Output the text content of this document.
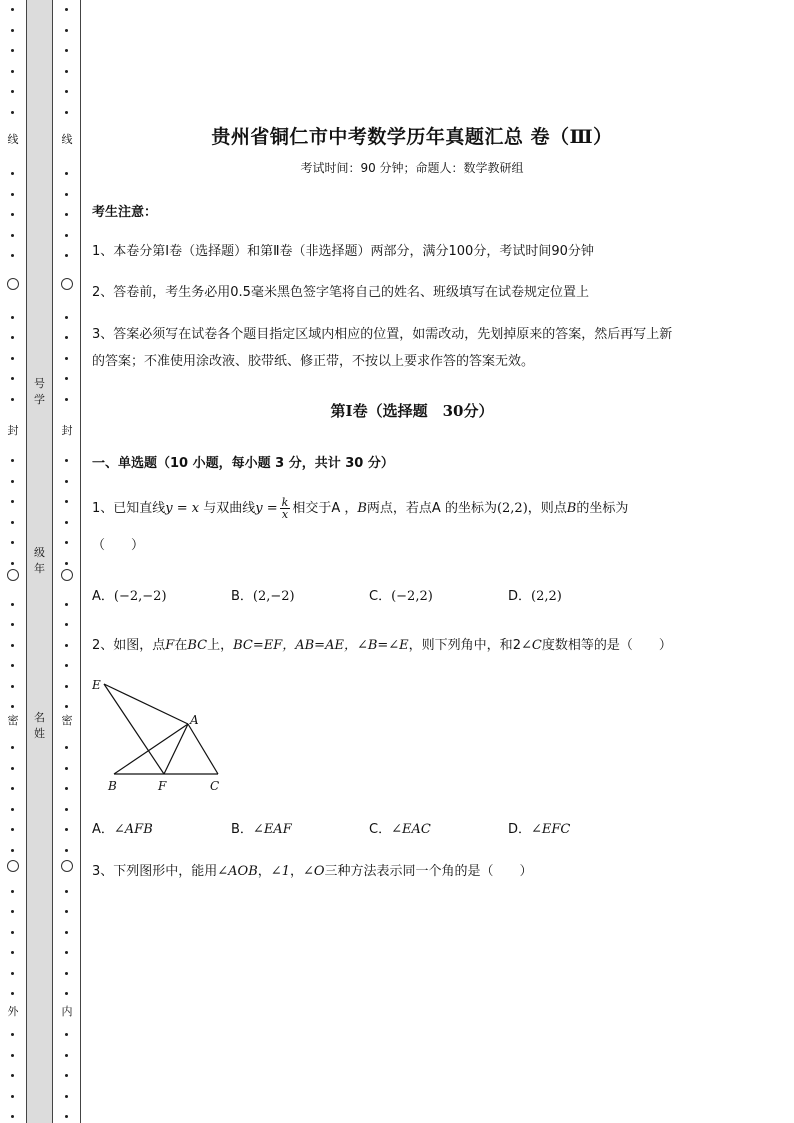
线
封
密
外
号
学
级
年
名
姓
线
封
密
内
贵州省铜仁市中考数学历年真题汇总 卷（Ⅲ）
考试时间：90 分钟；命题人：数学教研组
考生注意：
1、本卷分第Ⅰ卷（选择题）和第Ⅱ卷（非选择题）两部分，满分100分，考试时间90分钟
2、答卷前，考生务必用0.5毫米黑色签字笔将自己的姓名、班级填写在试卷规定位置上
3、答案必须写在试卷各个题目指定区域内相应的位置，如需改动，先划掉原来的答案，然后再写上新
的答案；不准使用涂改液、胶带纸、修正带，不按以上要求作答的答案无效。
第Ⅰ卷（选择题　30分）
一、单选题（10 小题，每小题 3 分，共计 30 分）
1、已知直线y = x 与双曲线$y = \frac{k}{x}$ 相交于A ，B两点，若点A 的坐标为(2,2)，则点B的坐标为
（　　）
A．(−2,−2)	B．(2,−2)	C．(−2,2)	D．(2,2)
2、如图，点F在BC上，BC=EF，AB=AE，∠B=∠E，则下列角中，和2∠C度数相等的是（　　）
E
A
B	F	C
A．∠AFB	B．∠EAF	C．∠EAC	D．∠EFC
3、下列图形中，能用∠AOB，∠1，∠O三种方法表示同一个角的是（　　）
